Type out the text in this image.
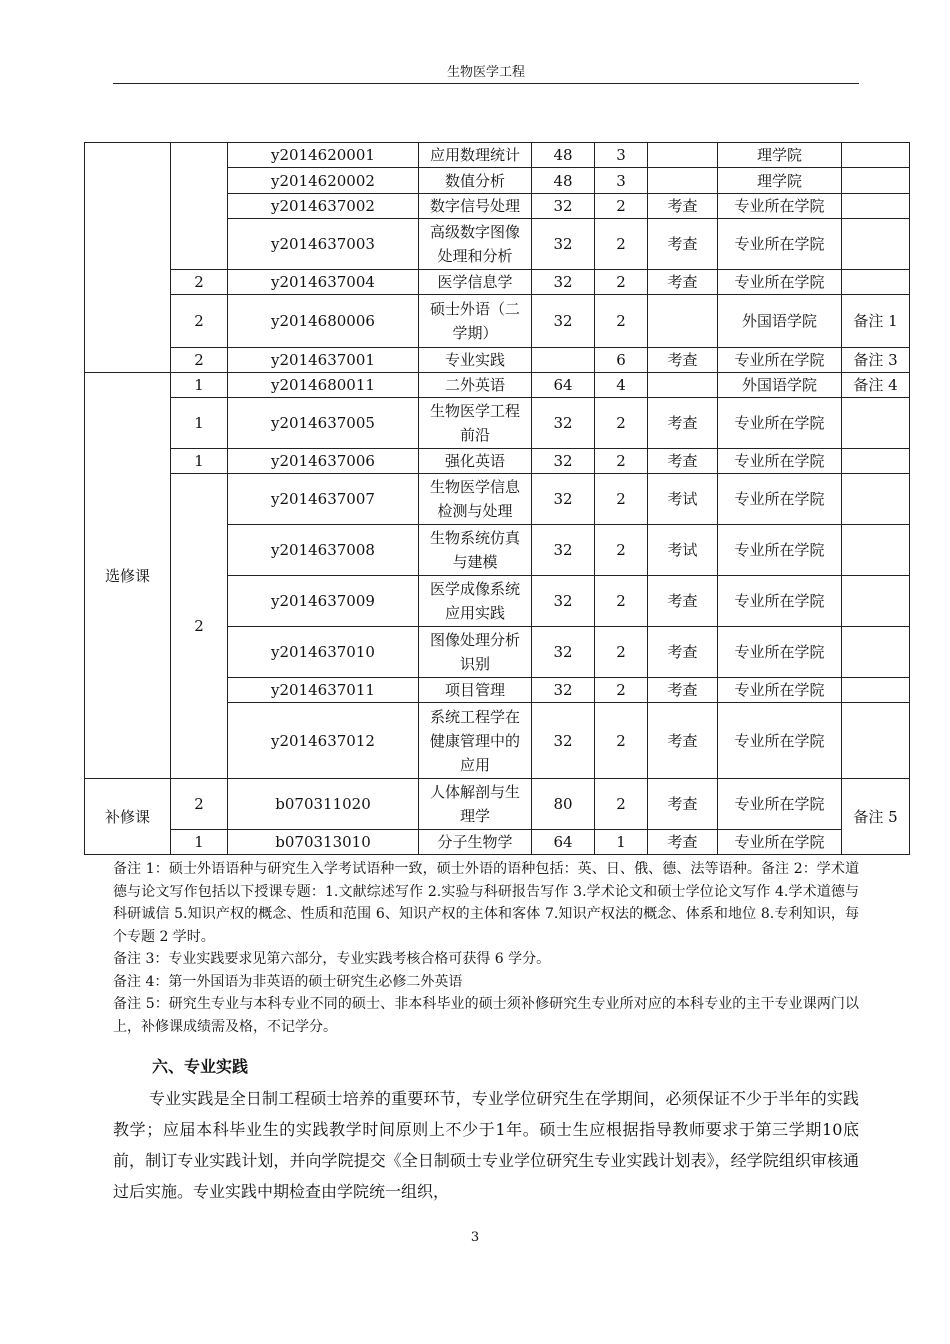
生物医学工程
		y2014620001	应用数理统计	48	3		理学院	
		y2014620002	数值分析	48	3		理学院	
		y2014637002	数字信号处理	32	2	考查	专业所在学院	
		y2014637003	高级数字图像
处理和分析	32	2	考查	专业所在学院	
	2	y2014637004	医学信息学	32	2	考查	专业所在学院	
	2	y2014680006	硕士外语（二
学期）	32	2		外国语学院	备注 1
	2	y2014637001	专业实践		6	考查	专业所在学院	备注 3
选修课	1	y2014680011	二外英语	64	4		外国语学院	备注 4
	1	y2014637005	生物医学工程
前沿	32	2	考查	专业所在学院	
	1	y2014637006	强化英语	32	2	考查	专业所在学院	
	2	y2014637007	生物医学信息
检测与处理	32	2	考试	专业所在学院	
		y2014637008	生物系统仿真
与建模	32	2	考试	专业所在学院	
		y2014637009	医学成像系统
应用实践	32	2	考查	专业所在学院	
		y2014637010	图像处理分析
识别	32	2	考查	专业所在学院	
		y2014637011	项目管理	32	2	考查	专业所在学院	
		y2014637012	系统工程学在
健康管理中的
应用	32	2	考查	专业所在学院	
补修课	2	b070311020	人体解剖与生
理学	80	2	考查	专业所在学院	备注 5
	1	b070313010	分子生物学	64	1	考查	专业所在学院	

备注 1：硕士外语语种与研究生入学考试语种一致，硕士外语的语种包括：英、日、俄、德、法等语种。备注 2：学术道德与论文写作包括以下授课专题：1.文献综述写作 2.实验与科研报告写作 3.学术论文和硕士学位论文写作 4.学术道德与科研诚信 5.知识产权的概念、性质和范围 6、知识产权的主体和客体 7.知识产权法的概念、体系和地位 8.专利知识，每个专题 2 学时。

备注 3：专业实践要求见第六部分，专业实践考核合格可获得 6 学分。

备注 4：第一外国语为非英语的硕士研究生必修二外英语

备注 5：研究生专业与本科专业不同的硕士、非本科毕业的硕士须补修研究生专业所对应的本科专业的主干专业课两门以上，补修课成绩需及格，不记学分。

六、专业实践

专业实践是全日制工程硕士培养的重要环节，专业学位研究生在学期间，必须保证不少于半年的实践教学；应届本科毕业生的实践教学时间原则上不少于1年。硕士生应根据指导教师要求于第三学期10底前，制订专业实践计划，并向学院提交《全日制硕士专业学位研究生专业实践计划表》，经学院组织审核通过后实施。专业实践中期检查由学院统一组织，

3
